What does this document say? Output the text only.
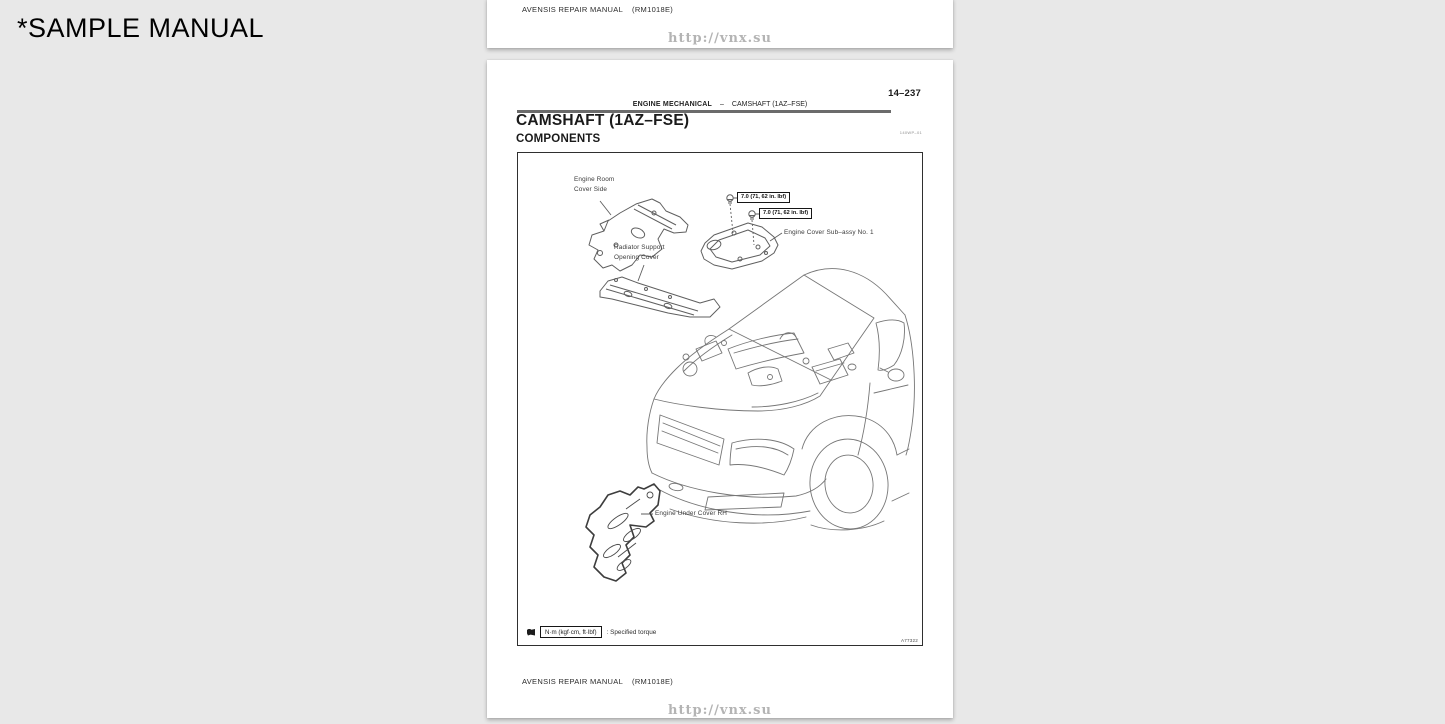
*SAMPLE MANUAL
AVENSIS REPAIR MANUAL (RM1018E)
http://vnx.su
14–237
ENGINE MECHANICAL – CAMSHAFT (1AZ–FSE)
CAMSHAFT (1AZ–FSE)
COMPONENTS
140WP–01
Engine Room
Cover Side
Radiator Support
Opening Cover
7.0 (71, 62 in. lbf)
7.0 (71, 62 in. lbf)
Engine Cover Sub–assy No. 1
Engine Under Cover RH
N·m (kgf·cm, ft·lbf)	: Specified torque
A77322
AVENSIS REPAIR MANUAL (RM1018E)
http://vnx.su
